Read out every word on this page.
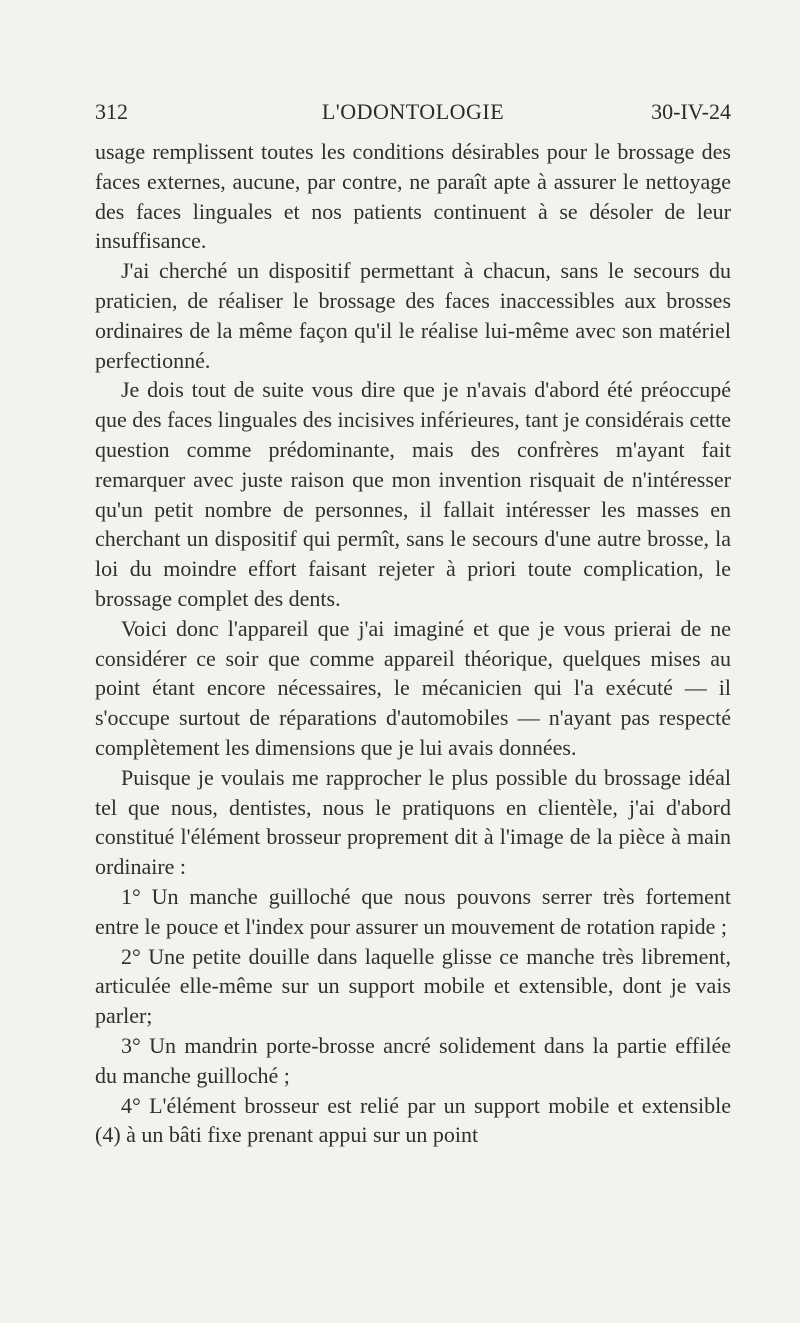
312	L'ODONTOLOGIE	30-IV-24

usage remplissent toutes les conditions désirables pour le brossage des faces externes, aucune, par contre, ne paraît apte à assurer le nettoyage des faces linguales et nos patients continuent à se désoler de leur insuffisance.

J'ai cherché un dispositif permettant à chacun, sans le secours du praticien, de réaliser le brossage des faces inaccessibles aux brosses ordinaires de la même façon qu'il le réalise lui-même avec son matériel perfectionné.

Je dois tout de suite vous dire que je n'avais d'abord été préoccupé que des faces linguales des incisives inférieures, tant je considérais cette question comme prédominante, mais des confrères m'ayant fait remarquer avec juste raison que mon invention risquait de n'intéresser qu'un petit nombre de personnes, il fallait intéresser les masses en cherchant un dispositif qui permît, sans le secours d'une autre brosse, la loi du moindre effort faisant rejeter à priori toute complication, le brossage complet des dents.

Voici donc l'appareil que j'ai imaginé et que je vous prierai de ne considérer ce soir que comme appareil théorique, quelques mises au point étant encore nécessaires, le mécanicien qui l'a exécuté — il s'occupe surtout de réparations d'automobiles — n'ayant pas respecté complètement les dimensions que je lui avais données.

Puisque je voulais me rapprocher le plus possible du brossage idéal tel que nous, dentistes, nous le pratiquons en clientèle, j'ai d'abord constitué l'élément brosseur proprement dit à l'image de la pièce à main ordinaire :

1° Un manche guilloché que nous pouvons serrer très fortement entre le pouce et l'index pour assurer un mouvement de rotation rapide ;

2° Une petite douille dans laquelle glisse ce manche très librement, articulée elle-même sur un support mobile et extensible, dont je vais parler;

3° Un mandrin porte-brosse ancré solidement dans la partie effilée du manche guilloché ;

4° L'élément brosseur est relié par un support mobile et extensible (4) à un bâti fixe prenant appui sur un point
